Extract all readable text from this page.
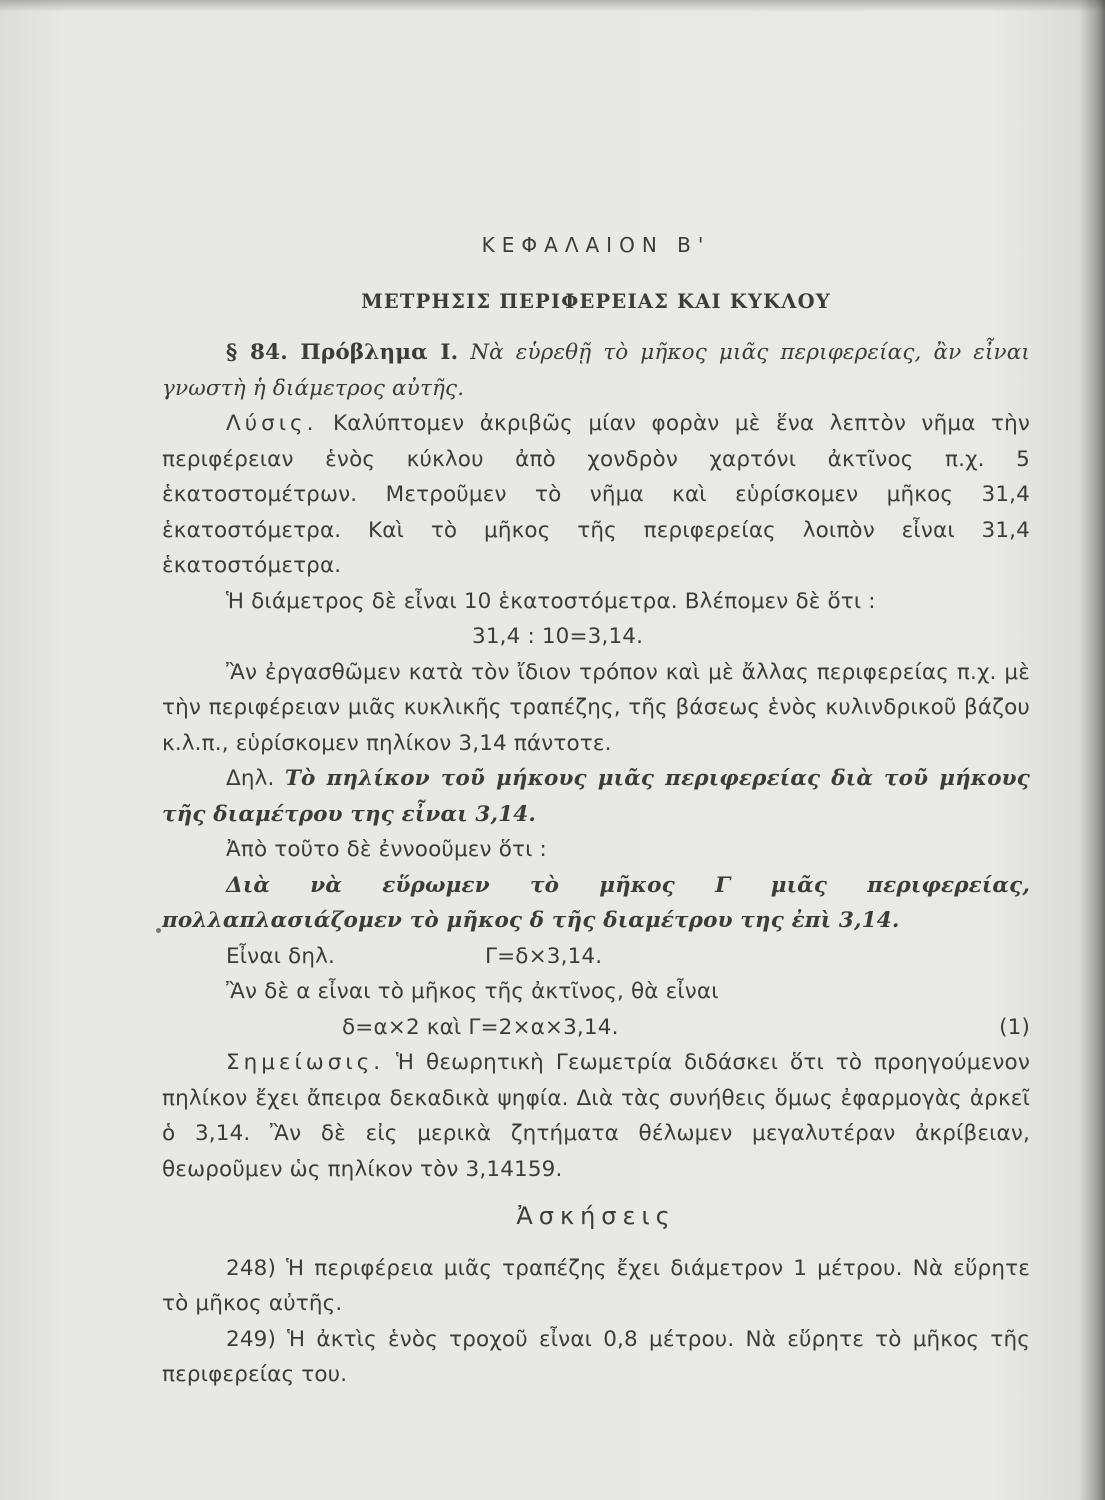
ΚΕΦΑΛΑΙΟΝ Β'
ΜΕΤΡΗΣΙΣ ΠΕΡΙΦΕΡΕΙΑΣ ΚΑΙ ΚΥΚΛΟΥ

§ 84. Πρόβλημα Ι. Νὰ εὑρεθῇ τὸ μῆκος μιᾶς περιφερείας, ἂν εἶναι γνωστὴ ἡ διάμετρος αὐτῆς.

Λύσις. Καλύπτομεν ἀκριβῶς μίαν φορὰν μὲ ἕνα λεπτὸν νῆμα τὴν περιφέρειαν ἑνὸς κύκλου ἀπὸ χονδρὸν χαρτόνι ἀκτῖνος π.χ. 5 ἑκατοστομέτρων. Μετροῦμεν τὸ νῆμα καὶ εὑρίσκομεν μῆκος 31,4 ἑκατοστόμετρα. Καὶ τὸ μῆκος τῆς περιφερείας λοιπὸν εἶναι 31,4 ἑκατοστόμετρα.

Ἡ διάμετρος δὲ εἶναι 10 ἑκατοστόμετρα. Βλέπομεν δὲ ὅτι :

31,4 : 10=3,14.

Ἂν ἐργασθῶμεν κατὰ τὸν ἴδιον τρόπον καὶ μὲ ἄλλας περιφερείας π.χ. μὲ τὴν περιφέρειαν μιᾶς κυκλικῆς τραπέζης, τῆς βάσεως ἑνὸς κυλινδρικοῦ βάζου κ.λ.π., εὑρίσκομεν πηλίκον 3,14 πάντοτε.

Δηλ. Τὸ πηλίκον τοῦ μήκους μιᾶς περιφερείας διὰ τοῦ μήκους τῆς διαμέτρου της εἶναι 3,14.

Ἀπὸ τοῦτο δὲ ἐννοοῦμεν ὅτι :

Διὰ νὰ εὕρωμεν τὸ μῆκος Γ μιᾶς περιφερείας, πολλαπλασιάζομεν τὸ μῆκος δ τῆς διαμέτρου της ἐπὶ 3,14.

Εἶναι δηλ.	Γ=δ×3,14.

Ἂν δὲ α εἶναι τὸ μῆκος τῆς ἀκτῖνος, θὰ εἶναι

δ=α×2 καὶ Γ=2×α×3,14.	(1)

Σημείωσις. Ἡ θεωρητικὴ Γεωμετρία διδάσκει ὅτι τὸ προηγούμενον πηλίκον ἔχει ἄπειρα δεκαδικὰ ψηφία. Διὰ τὰς συνήθεις ὅμως ἐφαρμογὰς ἀρκεῖ ὁ 3,14. Ἂν δὲ εἰς μερικὰ ζητήματα θέλωμεν μεγαλυτέραν ἀκρίβειαν, θεωροῦμεν ὡς πηλίκον τὸν 3,14159.

Ἀσκήσεις

248) Ἡ περιφέρεια μιᾶς τραπέζης ἔχει διάμετρον 1 μέτρου. Νὰ εὕρητε τὸ μῆκος αὐτῆς.

249) Ἡ ἀκτὶς ἑνὸς τροχοῦ εἶναι 0,8 μέτρου. Νὰ εὕρητε τὸ μῆκος τῆς περιφερείας του.
